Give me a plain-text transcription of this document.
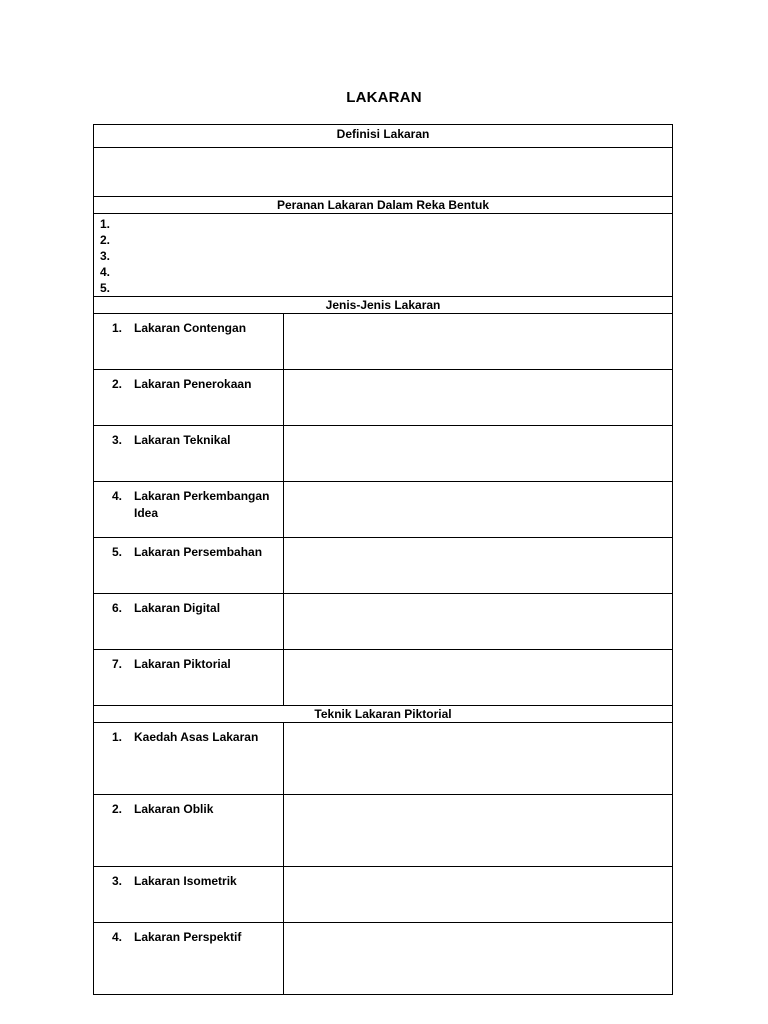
LAKARAN
Definisi Lakaran	

Peranan Lakaran Dalam Reka Bentuk	

1.
2.
3.
4.
5.	

Jenis-Jenis Lakaran	

1. Lakaran Contengan	

2. Lakaran Penerokaan	

3. Lakaran Teknikal	

4. Lakaran Perkembangan Idea	

5. Lakaran Persembahan	

6. Lakaran Digital	

7. Lakaran Piktorial	

Teknik Lakaran Piktorial	

1. Kaedah Asas Lakaran	

2. Lakaran Oblik	

3. Lakaran Isometrik	

4. Lakaran Perspektif	
